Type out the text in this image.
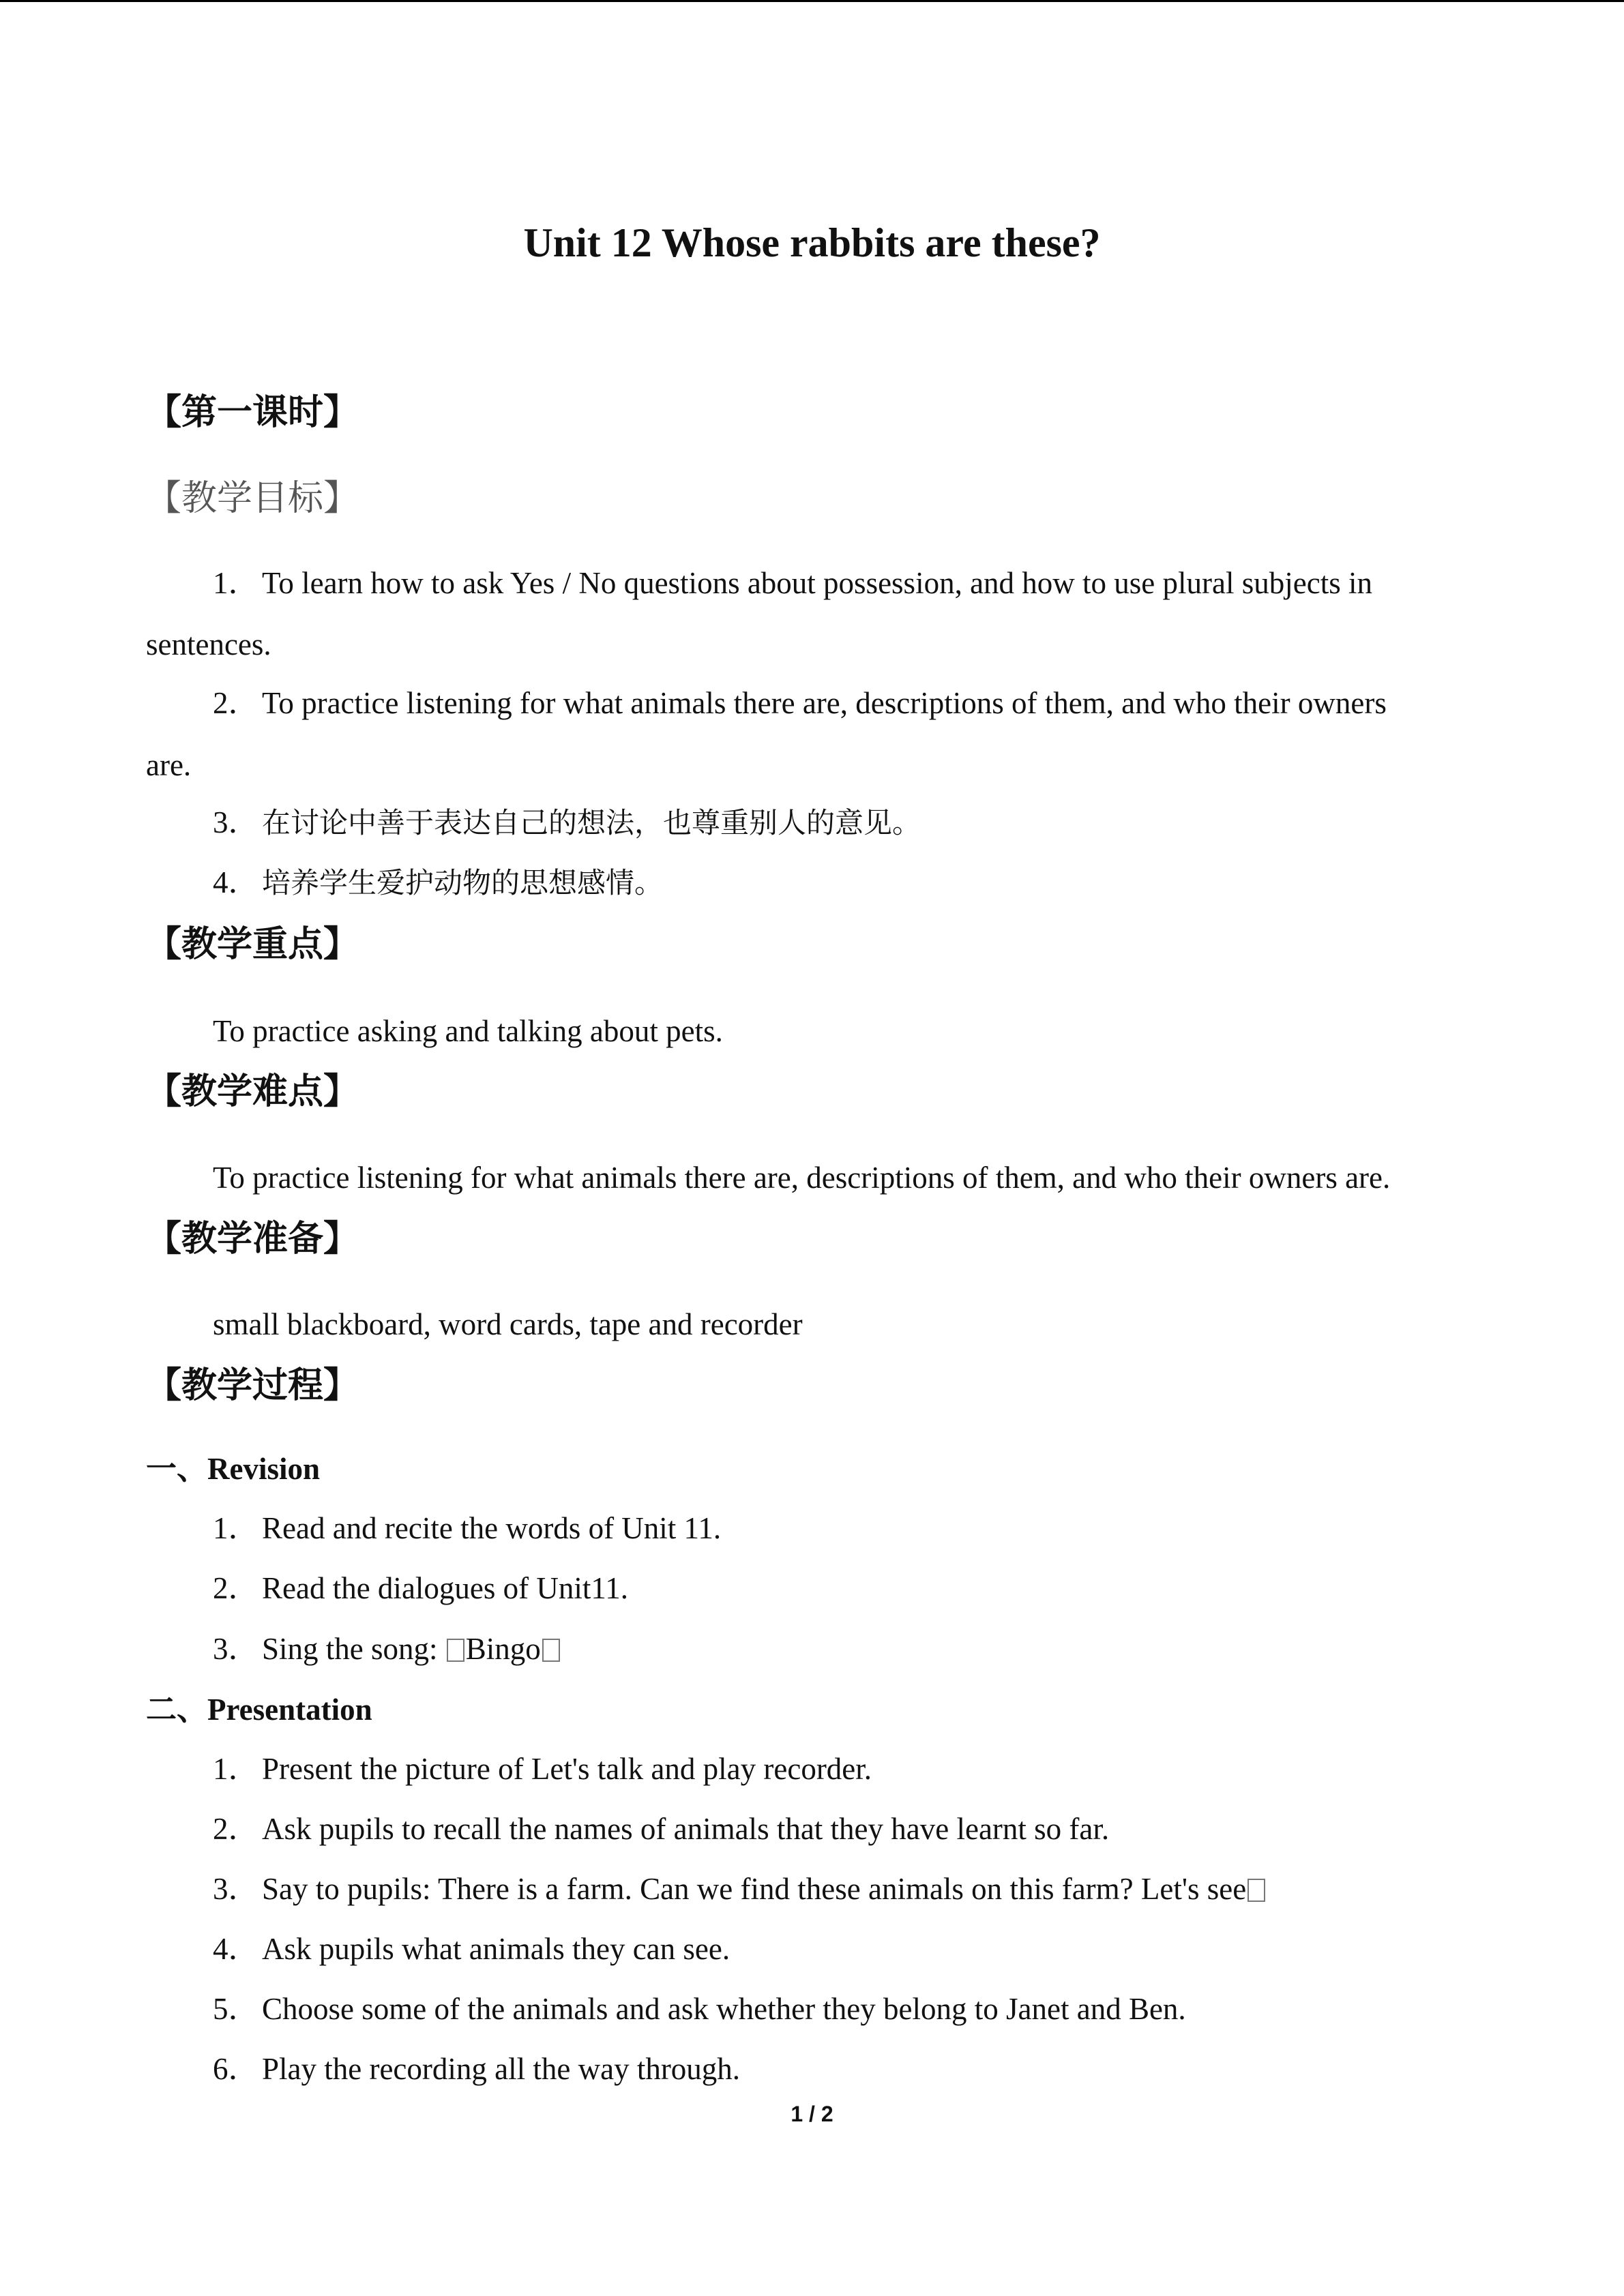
Unit 12 Whose rabbits are these?
【第一课时】
【教学目标】
1．To learn how to ask Yes / No questions about possession, and how to use plural subjects in
sentences.
2．To practice listening for what animals there are, descriptions of them, and who their owners
are.
3． 在讨论中善于表达自己的想法，也尊重别人的意见。
4． 培养学生爱护动物的思想感情。
【教学重点】
To practice asking and talking about pets.
【教学难点】
To practice listening for what animals there are, descriptions of them, and who their owners are.
【教学准备】
small blackboard, word cards, tape and recorder
【教学过程】
一、Revision
1．Read and recite the words of Unit 11.
2．Read the dialogues of Unit11.
3．Sing the song: Bingo
二、Presentation
1．Present the picture of Let's talk and play recorder.
2．Ask pupils to recall the names of animals that they have learnt so far.
3．Say to pupils: There is a farm. Can we find these animals on this farm? Let's see
4．Ask pupils what animals they can see.
5．Choose some of the animals and ask whether they belong to Janet and Ben.
6．Play the recording all the way through.
1 / 2
